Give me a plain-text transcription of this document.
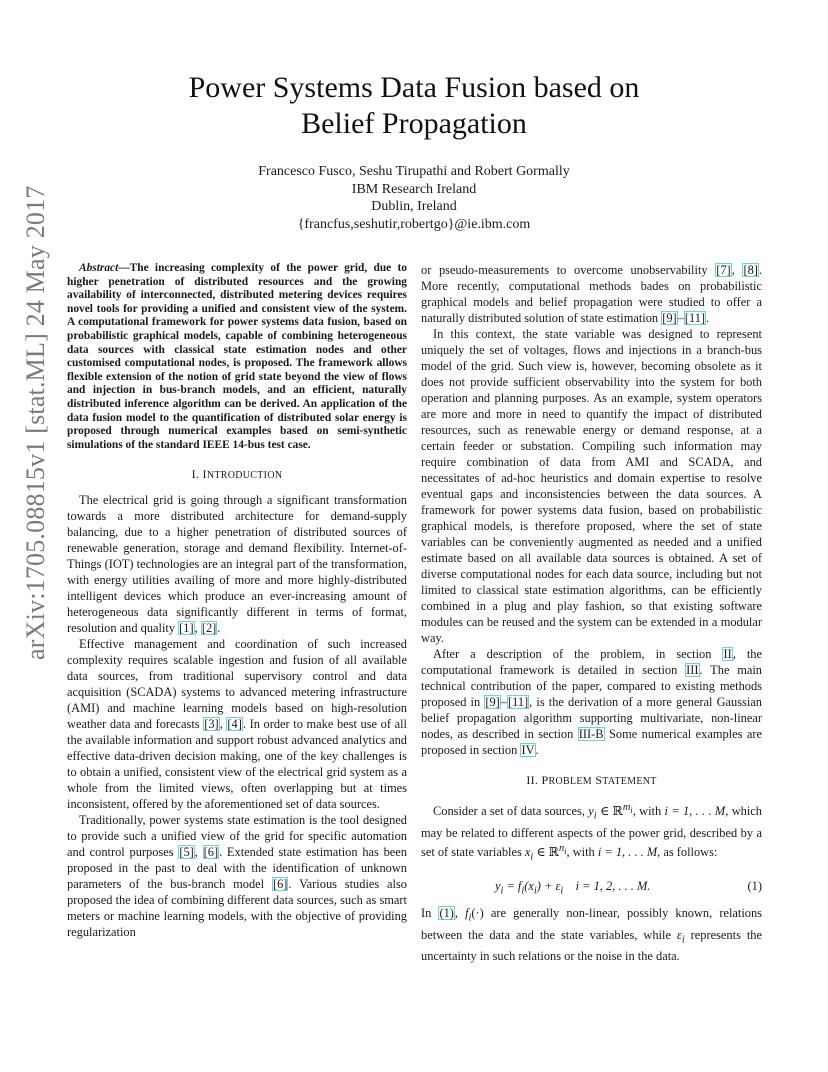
Power Systems Data Fusion based on
Belief Propagation
Francesco Fusco, Seshu Tirupathi and Robert Gormally
IBM Research Ireland
Dublin, Ireland
{francfus,seshutir,robertgo}@ie.ibm.com
arXiv:1705.08815v1 [stat.ML] 24 May 2017	Abstract—The increasing complexity of the power grid, due to higher penetration of distributed resources and the growing availability of interconnected, distributed metering devices requires novel tools for providing a unified and consistent view of the system. A computational framework for power systems data fusion, based on probabilistic graphical models, capable of combining heterogeneous data sources with classical state estimation nodes and other customised computational nodes, is proposed. The framework allows flexible extension of the notion of grid state beyond the view of flows and injection in bus-branch models, and an efficient, naturally distributed inference algorithm can be derived. An application of the data fusion model to the quantification of distributed solar energy is proposed through numerical examples based on semi-synthetic simulations of the standard IEEE 14-bus test case.

I. INTRODUCTION

The electrical grid is going through a significant transformation towards a more distributed architecture for demand-supply balancing, due to a higher penetration of distributed sources of renewable generation, storage and demand flexibility. Internet-of-Things (IOT) technologies are an integral part of the transformation, with energy utilities availing of more and more highly-distributed intelligent devices which produce an ever-increasing amount of heterogeneous data significantly different in terms of format, resolution and quality [1], [2].

Effective management and coordination of such increased complexity requires scalable ingestion and fusion of all available data sources, from traditional supervisory control and data acquisition (SCADA) systems to advanced metering infrastructure (AMI) and machine learning models based on high-resolution weather data and forecasts [3], [4]. In order to make best use of all the available information and support robust advanced analytics and effective data-driven decision making, one of the key challenges is to obtain a unified, consistent view of the electrical grid system as a whole from the limited views, often overlapping but at times inconsistent, offered by the aforementioned set of data sources.

Traditionally, power systems state estimation is the tool designed to provide such a unified view of the grid for specific automation and control purposes [5], [6]. Extended state estimation has been proposed in the past to deal with the identification of unknown parameters of the bus-branch model [6]. Various studies also proposed the idea of combining different data sources, such as smart meters or machine learning models, with the objective of providing regularization

or pseudo-measurements to overcome unobservability [7], [8]. More recently, computational methods bades on probabilistic graphical models and belief propagation were studied to offer a naturally distributed solution of state estimation [9]–[11].

In this context, the state variable was designed to represent uniquely the set of voltages, flows and injections in a branch-bus model of the grid. Such view is, however, becoming obsolete as it does not provide sufficient observability into the system for both operation and planning purposes. As an example, system operators are more and more in need to quantify the impact of distributed resources, such as renewable energy or demand response, at a certain feeder or substation. Compiling such information may require combination of data from AMI and SCADA, and necessitates of ad-hoc heuristics and domain expertise to resolve eventual gaps and inconsistencies between the data sources. A framework for power systems data fusion, based on probabilistic graphical models, is therefore proposed, where the set of state variables can be conveniently augmented as needed and a unified estimate based on all available data sources is obtained. A set of diverse computational nodes for each data source, including but not limited to classical state estimation algorithms, can be efficiently combined in a plug and play fashion, so that existing software modules can be reused and the system can be extended in a modular way.

After a description of the problem, in section II, the computational framework is detailed in section III. The main technical contribution of the paper, compared to existing methods proposed in [9]–[11], is the derivation of a more general Gaussian belief propagation algorithm supporting multivariate, non-linear nodes, as described in section III-B Some numerical examples are proposed in section IV.

II. PROBLEM STATEMENT

Consider a set of data sources, $y_i$ ∈ ℝ$^{m_i}$, with i = 1, . . . M, which may be related to different aspects of the power grid, described by a set of state variables $x_i$ ∈ ℝ$^{n_i}$, with i = 1, . . . M, as follows:

$y_i = f_i(x_i) + \varepsilon_i$    i = 1, 2, . . . M.	(1)

In (1), $f_i(\cdot)$ are generally non-linear, possibly known, relations between the data and the state variables, while $\varepsilon_i$ represents the uncertainty in such relations or the noise in the data.
